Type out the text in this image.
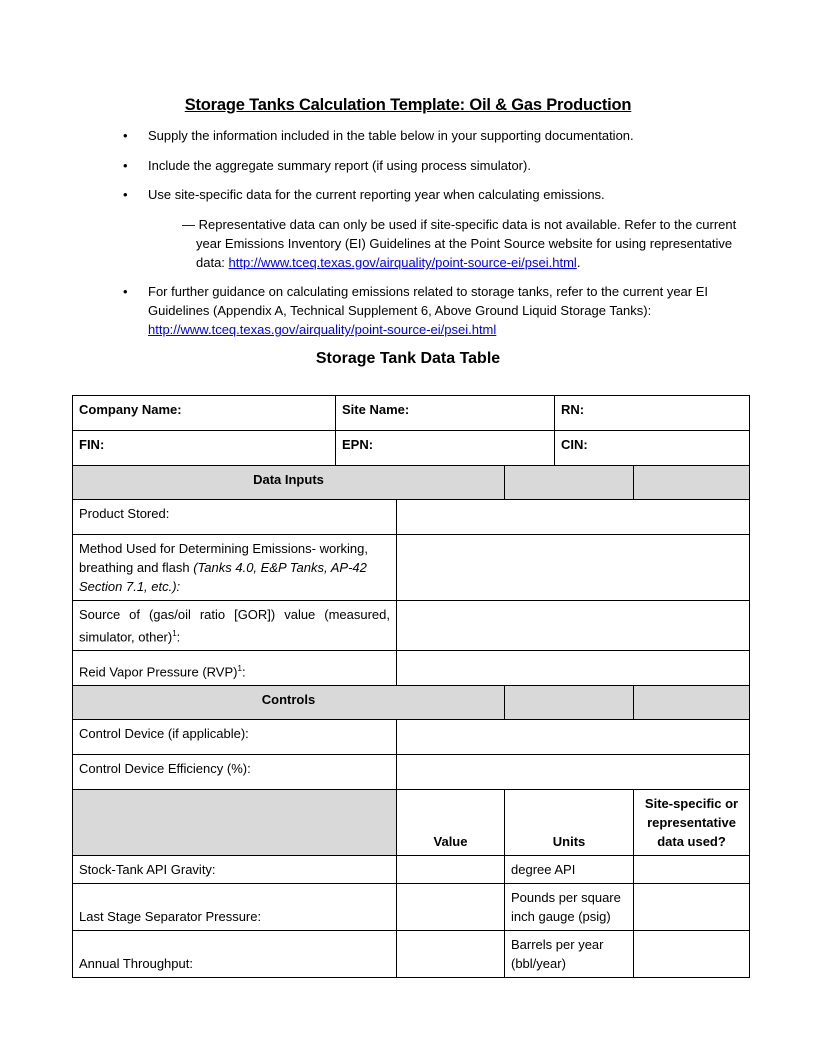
Storage Tanks Calculation Template: Oil & Gas Production
• Supply the information included in the table below in your supporting documentation.
• Include the aggregate summary report (if using process simulator).
• Use site-specific data for the current reporting year when calculating emissions.
— Representative data can only be used if site-specific data is not available. Refer to the current year Emissions Inventory (EI) Guidelines at the Point Source website for using representative data: http://www.tceq.texas.gov/airquality/point-source-ei/psei.html.
• For further guidance on calculating emissions related to storage tanks, refer to the current year EI Guidelines (Appendix A, Technical Supplement 6, Above Ground Liquid Storage Tanks):
http://www.tceq.texas.gov/airquality/point-source-ei/psei.html
Storage Tank Data Table
Company Name:	Site Name:			RN:	
FIN:	EPN:			CIN:	
Data Inputs					
Product Stored:					
Method Used for Determining Emissions- working, breathing and flash (Tanks 4.0, E&P Tanks, AP-42 Section 7.1, etc.):					
Source of (gas/oil ratio [GOR]) value (measured, simulator, other)$^1$:					
Reid Vapor Pressure (RVP)$^1$:					
Controls					
Control Device (if applicable):					
Control Device Efficiency (%):					
		Value	Units		Site-specific or representative data used?
Stock-Tank API Gravity:			degree API		
Last Stage Separator Pressure:			Pounds per square inch gauge (psig)		
Annual Throughput:			Barrels per year (bbl/year)		
